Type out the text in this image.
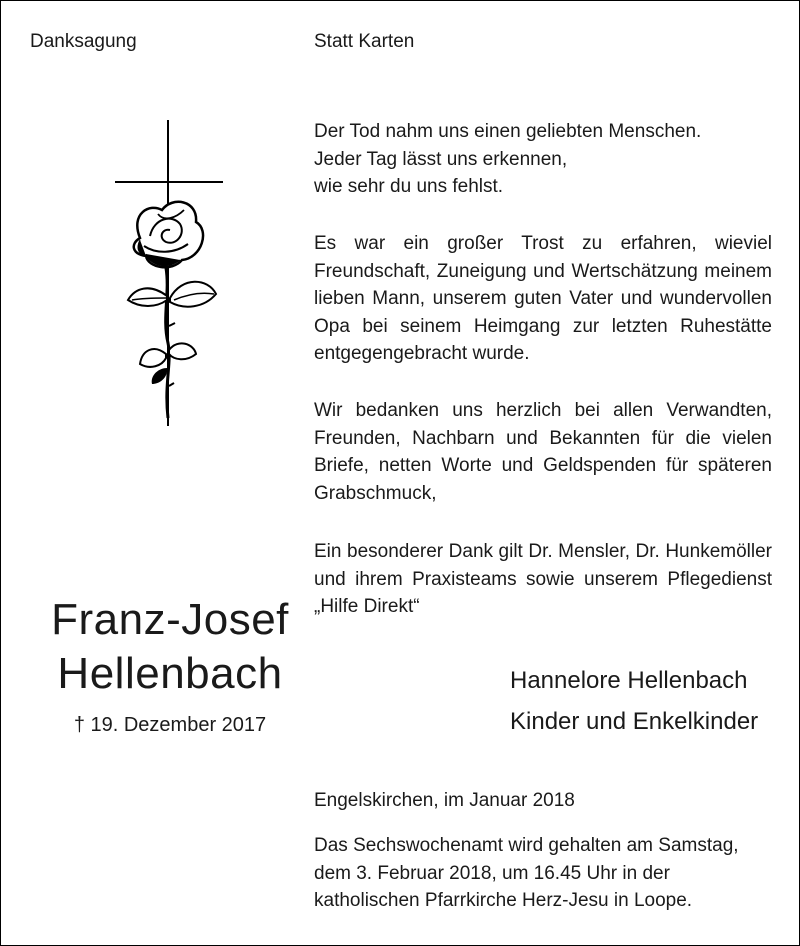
Danksagung	Statt Karten

Der Tod nahm uns einen geliebten Menschen.

Jeder Tag lässt uns erkennen,

wie sehr du uns fehlst.

Es war ein großer Trost zu erfahren, wieviel Freundschaft, Zuneigung und Wertschätzung meinem lieben Mann, unserem guten Vater und wundervollen Opa bei seinem Heimgang zur letzten Ruhestätte entgegengebracht wurde.
Wir bedanken uns herzlich bei allen Verwandten, Freunden, Nachbarn und Bekannten für die vielen Briefe, netten Worte und Geldspenden für späteren Grabschmuck,
Ein besonderer Dank gilt Dr. Mensler, Dr. Hunkemöller und ihrem Praxisteams sowie unserem Pflegedienst „Hilfe Direkt“
Franz-Josef
Hellenbach
† 19. Dezember 2017
Hannelore Hellenbach
Kinder und Enkelkinder
Engelskirchen, im Januar 2018

Das Sechswochenamt wird gehalten am Samstag,

dem 3. Februar 2018, um 16.45 Uhr in der

katholischen Pfarrkirche Herz-Jesu in Loope.
